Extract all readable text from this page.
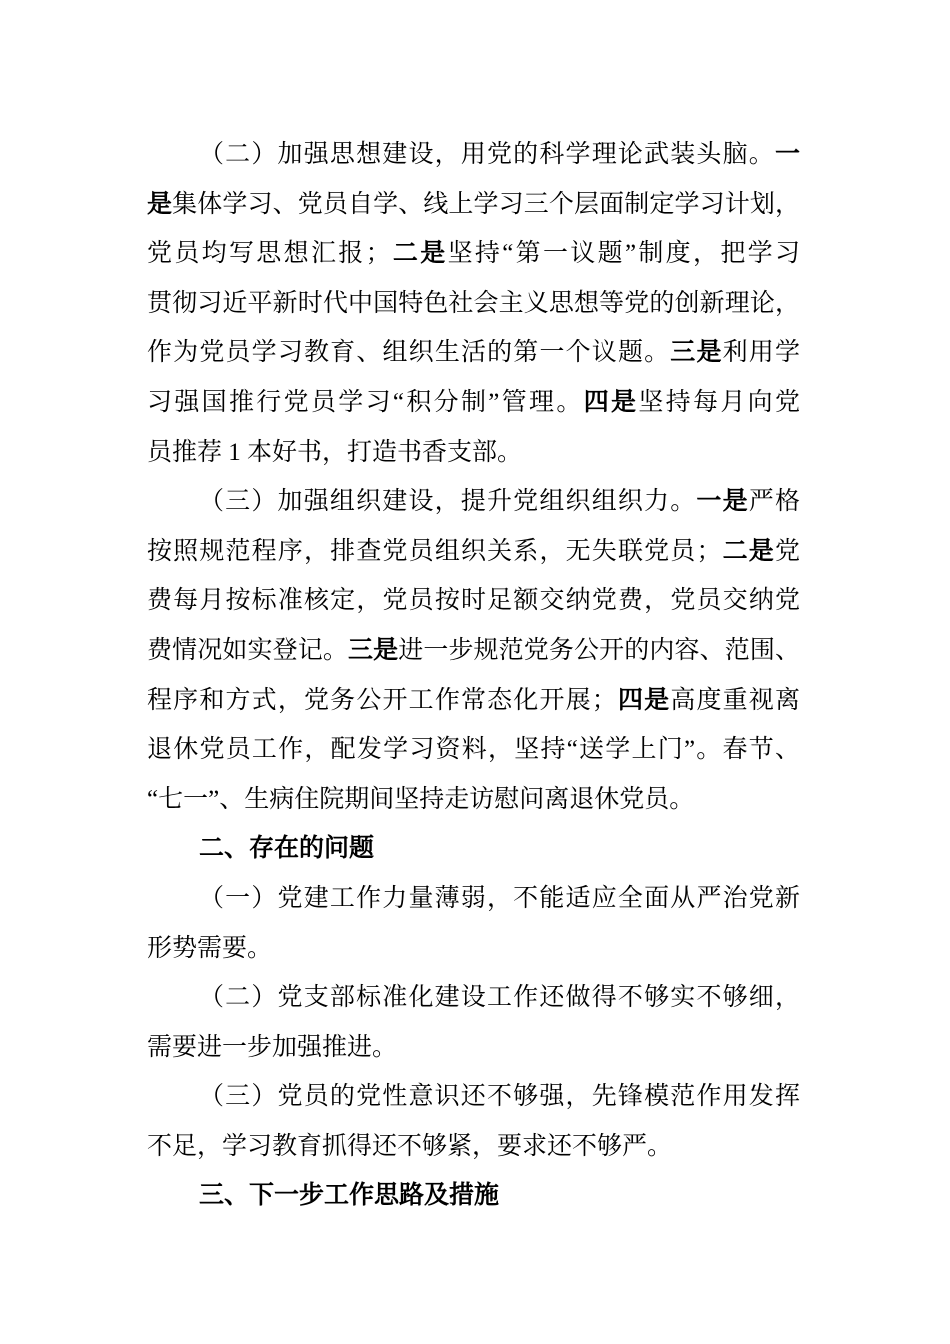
（二）加强思想建设，用党的科学理论武装头脑。一
是集体学习、党员自学、线上学习三个层面制定学习计划，
党员均写思想汇报；二是坚持“第一议题”制度，把学习
贯彻习近平新时代中国特色社会主义思想等党的创新理论，
作为党员学习教育、组织生活的第一个议题。三是利用学
习强国推行党员学习“积分制”管理。四是坚持每月向党
员推荐 1 本好书，打造书香支部。
（三）加强组织建设，提升党组织组织力。一是严格
按照规范程序，排查党员组织关系，无失联党员；二是党
费每月按标准核定，党员按时足额交纳党费，党员交纳党
费情况如实登记。三是进一步规范党务公开的内容、范围、
程序和方式，党务公开工作常态化开展；四是高度重视离
退休党员工作，配发学习资料，坚持“送学上门”。春节、
“七一”、生病住院期间坚持走访慰问离退休党员。
二、存在的问题
（一）党建工作力量薄弱，不能适应全面从严治党新
形势需要。
（二）党支部标准化建设工作还做得不够实不够细，
需要进一步加强推进。
（三）党员的党性意识还不够强，先锋模范作用发挥
不足，学习教育抓得还不够紧，要求还不够严。
三、下一步工作思路及措施
